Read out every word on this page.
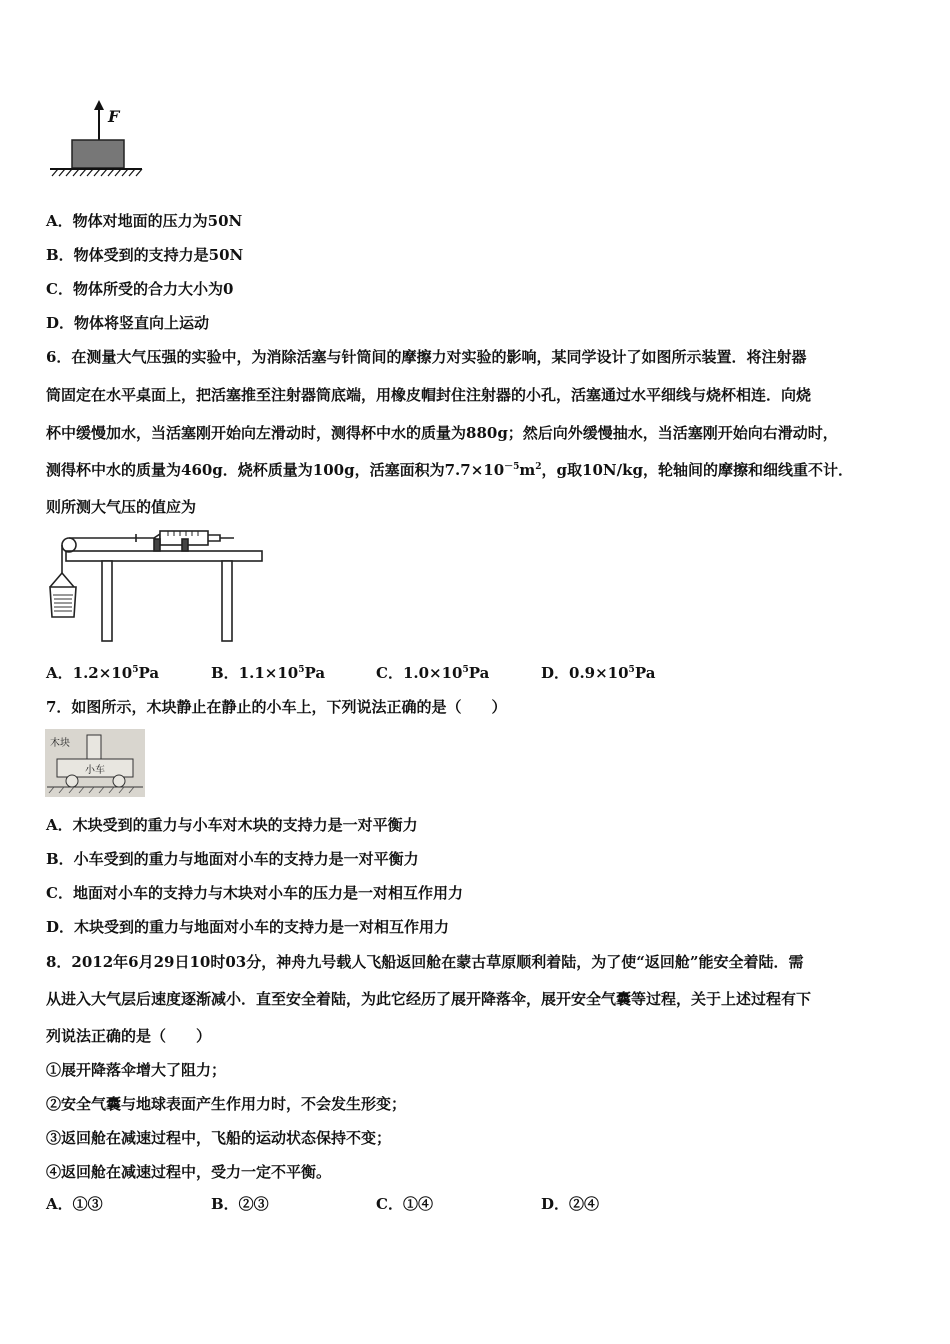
F
A．物体对地面的压力为50N
B．物体受到的支持力是50N
C．物体所受的合力大小为0
D．物体将竖直向上运动
6．在测量大气压强的实验中，为消除活塞与针筒间的摩擦力对实验的影响，某同学设计了如图所示装置．将注射器
筒固定在水平桌面上，把活塞推至注射器筒底端，用橡皮帽封住注射器的小孔，活塞通过水平细线与烧杯相连．向烧
杯中缓慢加水，当活塞刚开始向左滑动时，测得杯中水的质量为880g；然后向外缓慢抽水，当活塞刚开始向右滑动时，
测得杯中水的质量为460g．烧杯质量为100g，活塞面积为$7.7\times 10^{-5}m^2$，g取10N/kg，轮轴间的摩擦和细线重不计．
则所测大气压的值应为
A．$1.2\times 10^5Pa$	B．$1.1\times 10^5Pa$	C．$1.0\times 10^5Pa$	D．$0.9\times 10^5Pa$
7．如图所示，木块静止在静止的小车上，下列说法正确的是（　　）
木块
小车
A．木块受到的重力与小车对木块的支持力是一对平衡力
B．小车受到的重力与地面对小车的支持力是一对平衡力
C．地面对小车的支持力与木块对小车的压力是一对相互作用力
D．木块受到的重力与地面对小车的支持力是一对相互作用力
8．2012年6月29日10时03分，神舟九号载人飞船返回舱在蒙古草原顺利着陆，为了使“返回舱”能安全着陆．需
从进入大气层后速度逐渐减小．直至安全着陆，为此它经历了展开降落伞，展开安全气囊等过程，关于上述过程有下
列说法正确的是（　　）
①展开降落伞增大了阻力；
②安全气囊与地球表面产生作用力时，不会发生形变；
③返回舱在减速过程中，飞船的运动状态保持不变；
④返回舱在减速过程中，受力一定不平衡。
A．①③	B．②③	C．①④	D．②④
